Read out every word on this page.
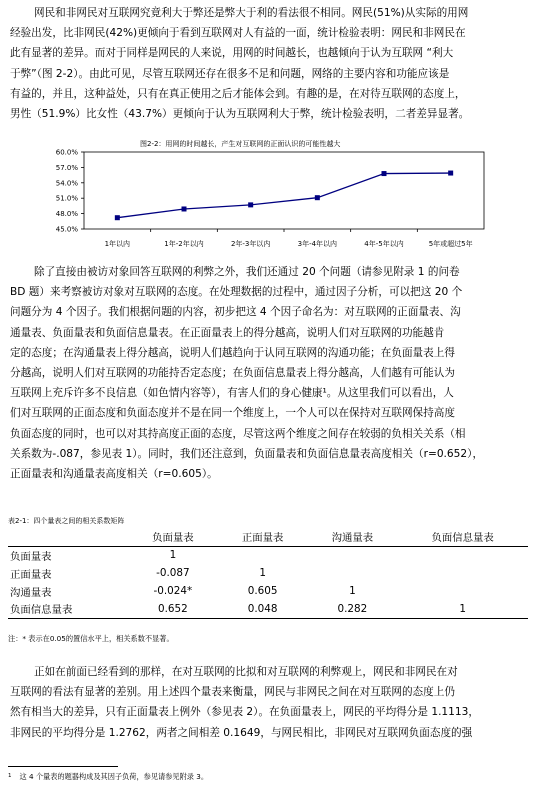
网民和非网民对互联网究竟利大于弊还是弊大于利的看法很不相同。网民(51%)从实际的用网
经验出发，比非网民(42%)更倾向于看到互联网对人有益的一面，统计检验表明：网民和非网民在
此有显著的差异。而对于同样是网民的人来说，用网的时间越长，也越倾向于认为互联网 “利大
于弊”（图 2-2）。由此可见，尽管互联网还存在很多不足和问题，网络的主要内容和功能应该是
有益的，并且，这种益处，只有在真正使用之后才能体会到。有趣的是，在对待互联网的态度上，
男性（51.9%）比女性（43.7%）更倾向于认为互联网利大于弊，统计检验表明，二者差异显著。
图2-2：用网的时间越长，产生对互联网的正面认识的可能性越大
60.0%
57.0%
54.0%
51.0%
48.0%
45.0%
1年以内	1年-2年以内	2年-3年以内	3年-4年以内	4年-5年以内	5年或超过5年
除了直接由被访对象回答互联网的利弊之外，我们还通过 20 个问题（请参见附录 1 的问卷
BD 题）来考察被访对象对互联网的态度。在处理数据的过程中，通过因子分析，可以把这 20 个
问题分为 4 个因子。我们根据问题的内容，初步把这 4 个因子命名为：对互联网的正面量表、沟
通量表、负面量表和负面信息量表。在正面量表上的得分越高，说明人们对互联网的功能越肯
定的态度；在沟通量表上得分越高，说明人们越趋向于认同互联网的沟通功能；在负面量表上得
分越高，说明人们对互联网的功能持否定态度；在负面信息量表上得分越高，人们越有可能认为
互联网上充斥许多不良信息（如色情内容等），有害人们的身心健康¹。从这里我们可以看出，人
们对互联网的正面态度和负面态度并不是在同一个维度上，一个人可以在保持对互联网保持高度
负面态度的同时，也可以对其持高度正面的态度，尽管这两个维度之间存在较弱的负相关关系（相
关系数为-.087，参见表 1）。同时，我们还注意到，负面量表和负面信息量表高度相关（r=0.652），
正面量表和沟通量表高度相关（r=0.605）。
表2-1：四个量表之间的相关系数矩阵
	负面量表	正面量表	沟通量表	负面信息量表
负面量表	1			
正面量表	-0.087	1		
沟通量表	-0.024*	0.605	1	
负面信息量表	0.652	0.048	0.282	1
注：* 表示在0.05的置信水平上，相关系数不显著。
正如在前面已经看到的那样，在对互联网的比拟和对互联网的利弊观上，网民和非网民在对
互联网的看法有显著的差别。用上述四个量表来衡量，网民与非网民之间在对互联网的态度上仍
然有相当大的差异，只有正面量表上例外（参见表 2）。在负面量表上，网民的平均得分是 1.1113，
非网民的平均得分是 1.2762，两者之间相差 0.1649，与网民相比，非网民对互联网负面态度的强
$^1$ 这 4 个量表的题器构成及其因子负荷，参见请参见附录 3。
